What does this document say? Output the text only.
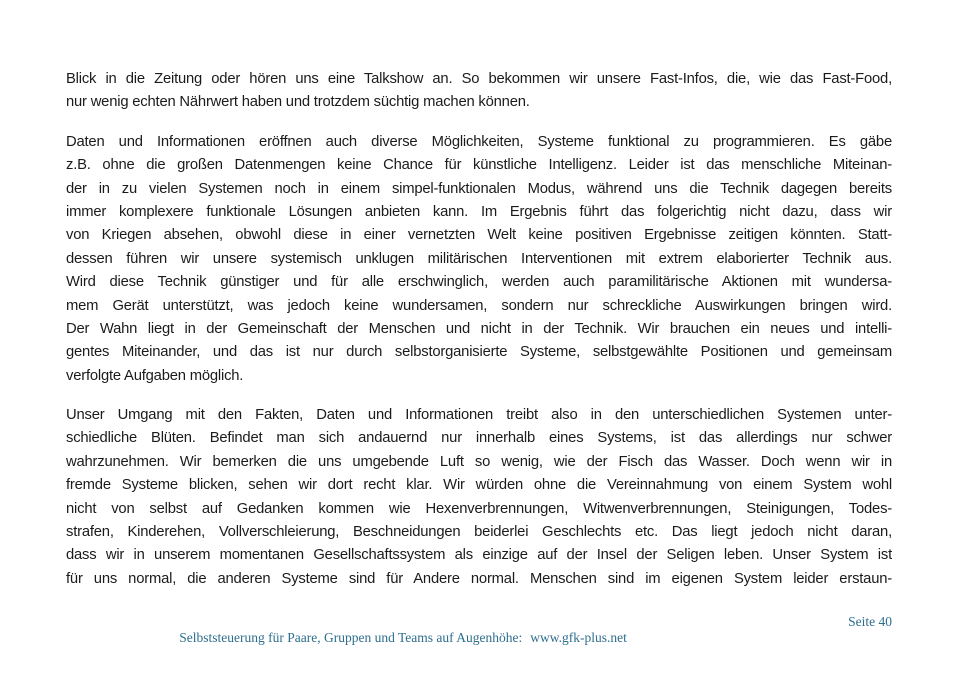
Blick in die Zeitung oder hören uns eine Talkshow an. So bekommen wir unsere Fast-Infos, die, wie das Fast-Food,
nur wenig echten Nährwert haben und trotzdem süchtig machen können.
Daten und Informationen eröffnen auch diverse Möglichkeiten, Systeme funktional zu programmieren. Es gäbe
z.B. ohne die großen Datenmengen keine Chance für künstliche Intelligenz. Leider ist das menschliche Miteinan-
der in zu vielen Systemen noch in einem simpel-funktionalen Modus, während uns die Technik dagegen bereits
immer komplexere funktionale Lösungen anbieten kann. Im Ergebnis führt das folgerichtig nicht dazu, dass wir
von Kriegen absehen, obwohl diese in einer vernetzten Welt keine positiven Ergebnisse zeitigen könnten. Statt-
dessen führen wir unsere systemisch unklugen militärischen Interventionen mit extrem elaborierter Technik aus.
Wird diese Technik günstiger und für alle erschwinglich, werden auch paramilitärische Aktionen mit wundersa-
mem Gerät unterstützt, was jedoch keine wundersamen, sondern nur schreckliche Auswirkungen bringen wird.
Der Wahn liegt in der Gemeinschaft der Menschen und nicht in der Technik. Wir brauchen ein neues und intelli-
gentes Miteinander, und das ist nur durch selbstorganisierte Systeme, selbstgewählte Positionen und gemeinsam
verfolgte Aufgaben möglich.
Unser Umgang mit den Fakten, Daten und Informationen treibt also in den unterschiedlichen Systemen unter-
schiedliche Blüten. Befindet man sich andauernd nur innerhalb eines Systems, ist das allerdings nur schwer
wahrzunehmen. Wir bemerken die uns umgebende Luft so wenig, wie der Fisch das Wasser. Doch wenn wir in
fremde Systeme blicken, sehen wir dort recht klar. Wir würden ohne die Vereinnahmung von einem System wohl
nicht von selbst auf Gedanken kommen wie Hexenverbrennungen, Witwenverbrennungen, Steinigungen, Todes-
strafen, Kinderehen, Vollverschleierung, Beschneidungen beiderlei Geschlechts etc. Das liegt jedoch nicht daran,
dass wir in unserem momentanen Gesellschaftssystem als einzige auf der Insel der Seligen leben. Unser System ist
für uns normal, die anderen Systeme sind für Andere normal. Menschen sind im eigenen System leider erstaun-

Selbststeuerung für Paare, Gruppen und Teams auf Augenhöhe: www.gfk-plus.net

Seite 40
